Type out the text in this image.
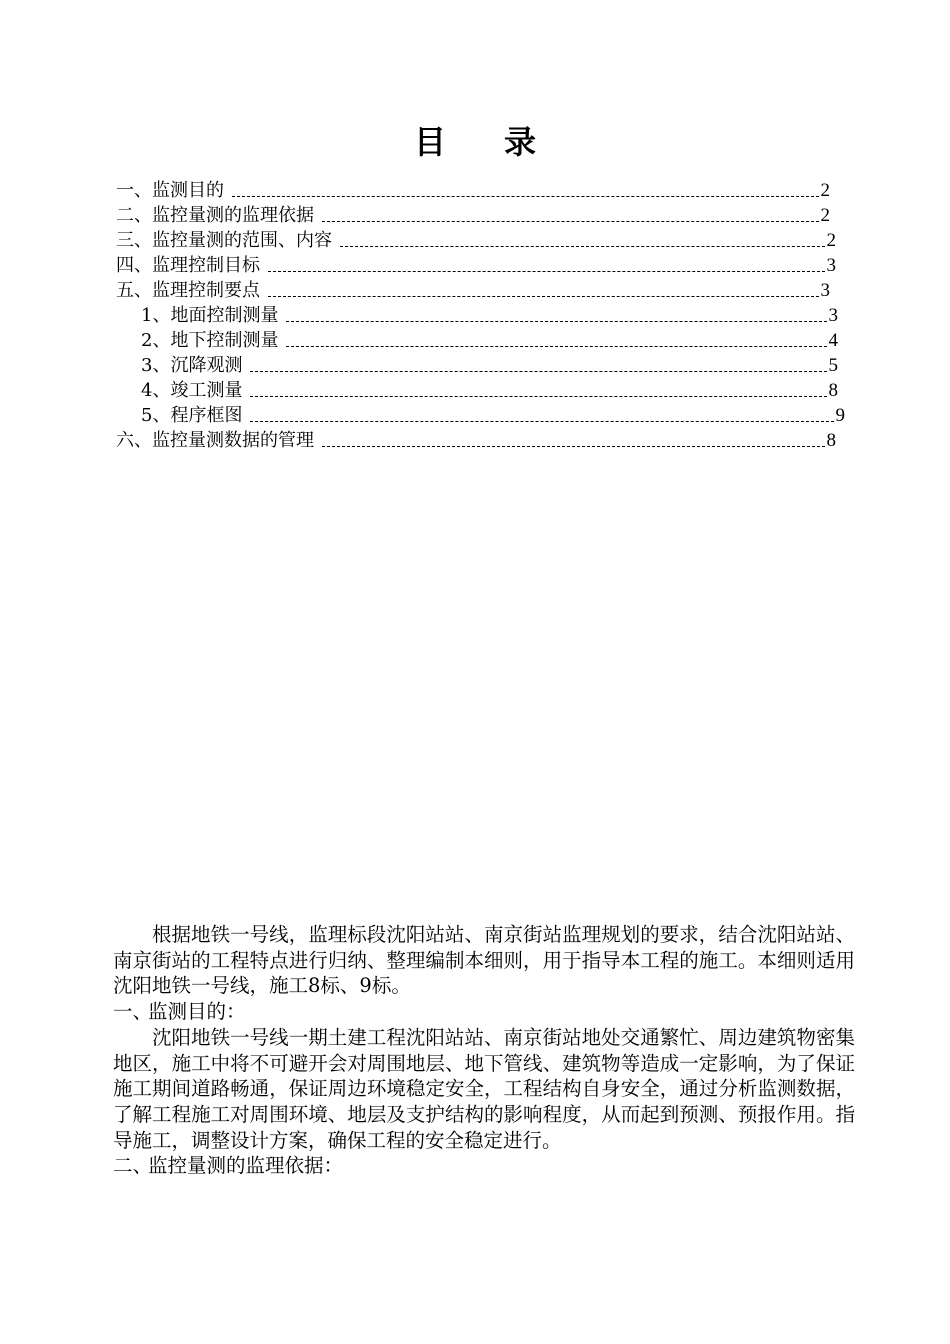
目录
一、监测目的	2
二、监控量测的监理依据	2
三、监控量测的范围、内容	2
四、监理控制目标	3
五、监理控制要点	3
1、地面控制测量	3
2、地下控制测量	4
3、沉降观测	5
4、竣工测量	8
5、程序框图	9
六、监控量测数据的管理	8

根据地铁一号线，监理标段沈阳站站、南京街站监理规划的要求，结合沈阳站站、南京街站的工程特点进行归纳、整理编制本细则，用于指导本工程的施工。本细则适用沈阳地铁一号线，施工8标、9标。

一、监测目的：

沈阳地铁一号线一期土建工程沈阳站站、南京街站地处交通繁忙、周边建筑物密集地区，施工中将不可避开会对周围地层、地下管线、建筑物等造成一定影响，为了保证施工期间道路畅通，保证周边环境稳定安全，工程结构自身安全，通过分析监测数据，了解工程施工对周围环境、地层及支护结构的影响程度，从而起到预测、预报作用。指导施工，调整设计方案，确保工程的安全稳定进行。

二、监控量测的监理依据：
